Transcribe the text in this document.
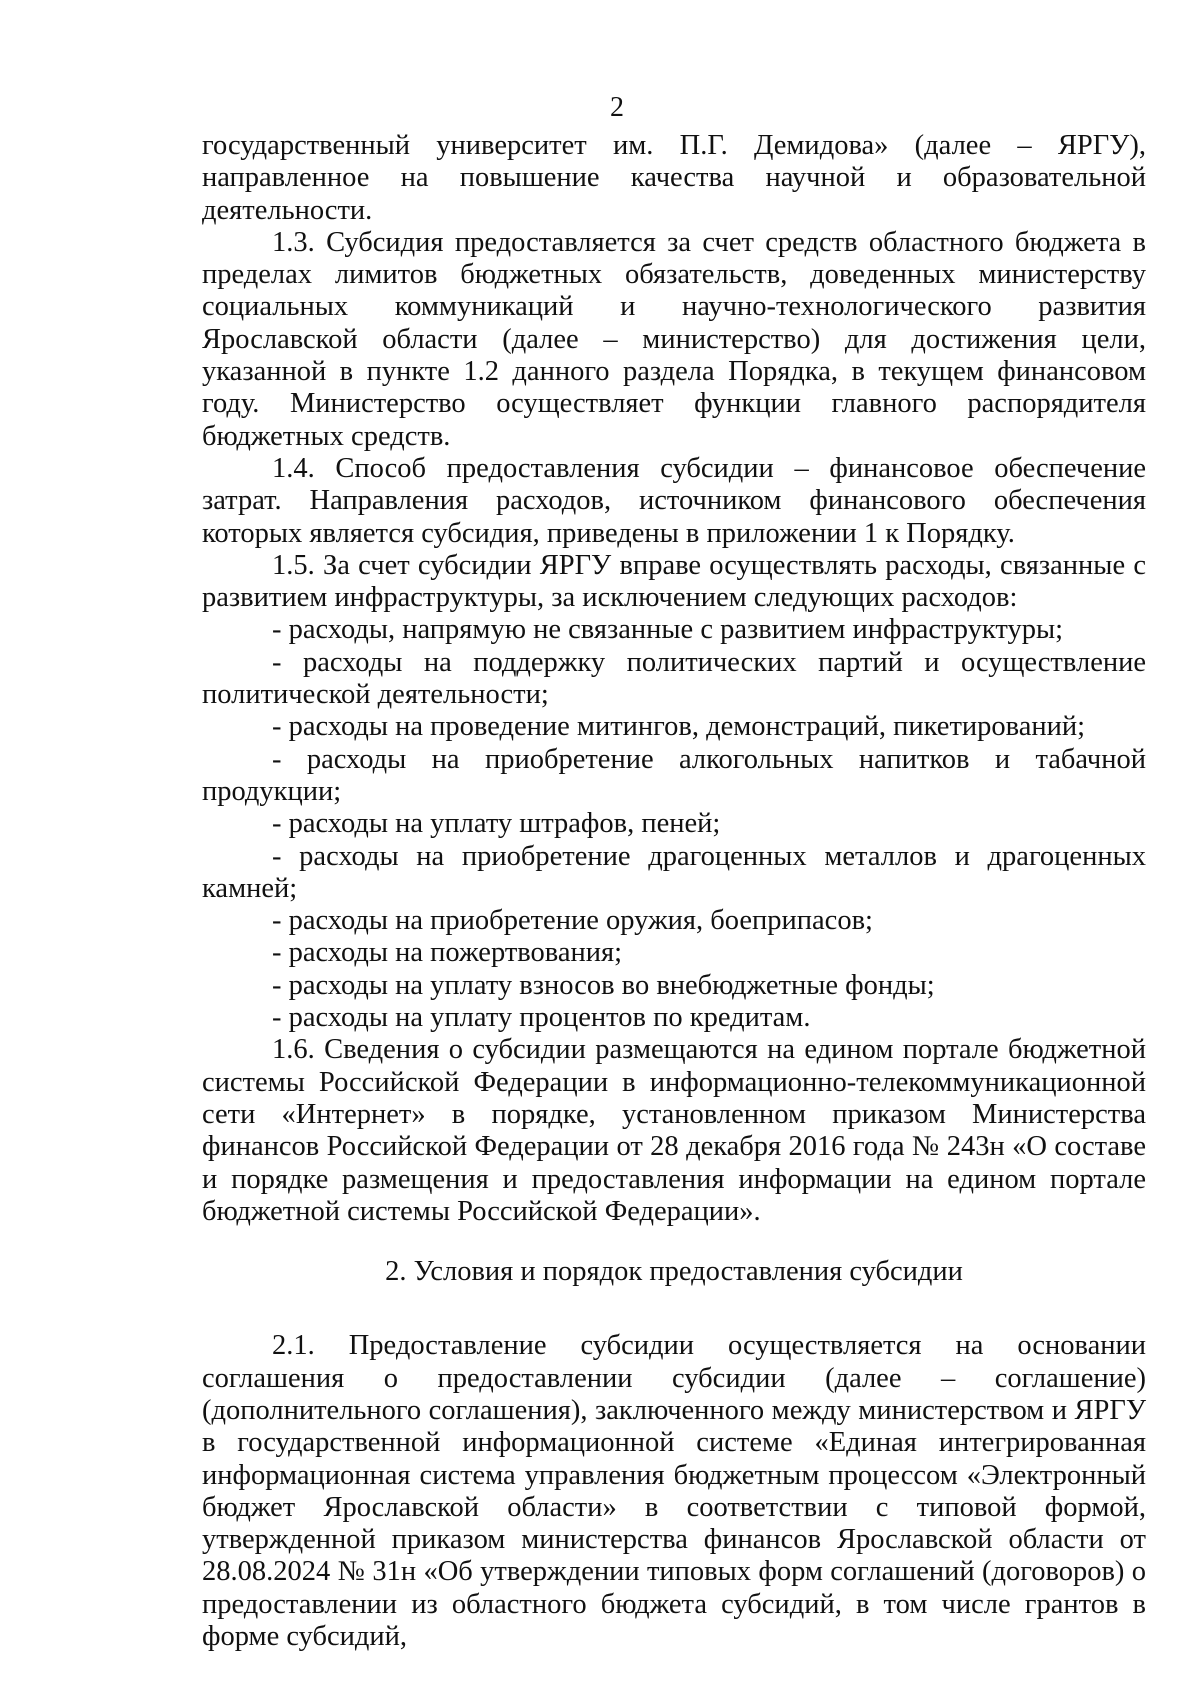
2

государственный университет им. П.Г. Демидова» (далее – ЯРГУ), направленное на повышение качества научной и образовательной деятельности.

1.3. Субсидия предоставляется за счет средств областного бюджета в пределах лимитов бюджетных обязательств, доведенных министерству социальных коммуникаций и научно-технологического развития Ярославской области (далее – министерство) для достижения цели, указанной в пункте 1.2 данного раздела Порядка, в текущем финансовом году. Министерство осуществляет функции главного распорядителя бюджетных средств.

1.4. Способ предоставления субсидии – финансовое обеспечение затрат. Направления расходов, источником финансового обеспечения которых является субсидия, приведены в приложении 1 к Порядку.

1.5. За счет субсидии ЯРГУ вправе осуществлять расходы, связанные с развитием инфраструктуры, за исключением следующих расходов:

- расходы, напрямую не связанные с развитием инфраструктуры;

- расходы на поддержку политических партий и осуществление политической деятельности;

- расходы на проведение митингов, демонстраций, пикетирований;

- расходы на приобретение алкогольных напитков и табачной продукции;

- расходы на уплату штрафов, пеней;

- расходы на приобретение драгоценных металлов и драгоценных камней;

- расходы на приобретение оружия, боеприпасов;

- расходы на пожертвования;

- расходы на уплату взносов во внебюджетные фонды;

- расходы на уплату процентов по кредитам.

1.6. Сведения о субсидии размещаются на едином портале бюджетной системы Российской Федерации в информационно-телекоммуникационной сети «Интернет» в порядке, установленном приказом Министерства финансов Российской Федерации от 28 декабря 2016 года № 243н «О составе и порядке размещения и предоставления информации на едином портале бюджетной системы Российской Федерации».

2. Условия и порядок предоставления субсидии

2.1. Предоставление субсидии осуществляется на основании соглашения о предоставлении субсидии (далее – соглашение) (дополнительного соглашения), заключенного между министерством и ЯРГУ в государственной информационной системе «Единая интегрированная информационная система управления бюджетным процессом «Электронный бюджет Ярославской области» в соответствии с типовой формой, утвержденной приказом министерства финансов Ярославской области от 28.08.2024 № 31н «Об утверждении типовых форм соглашений (договоров) о предоставлении из областного бюджета субсидий, в том числе грантов в форме субсидий,
